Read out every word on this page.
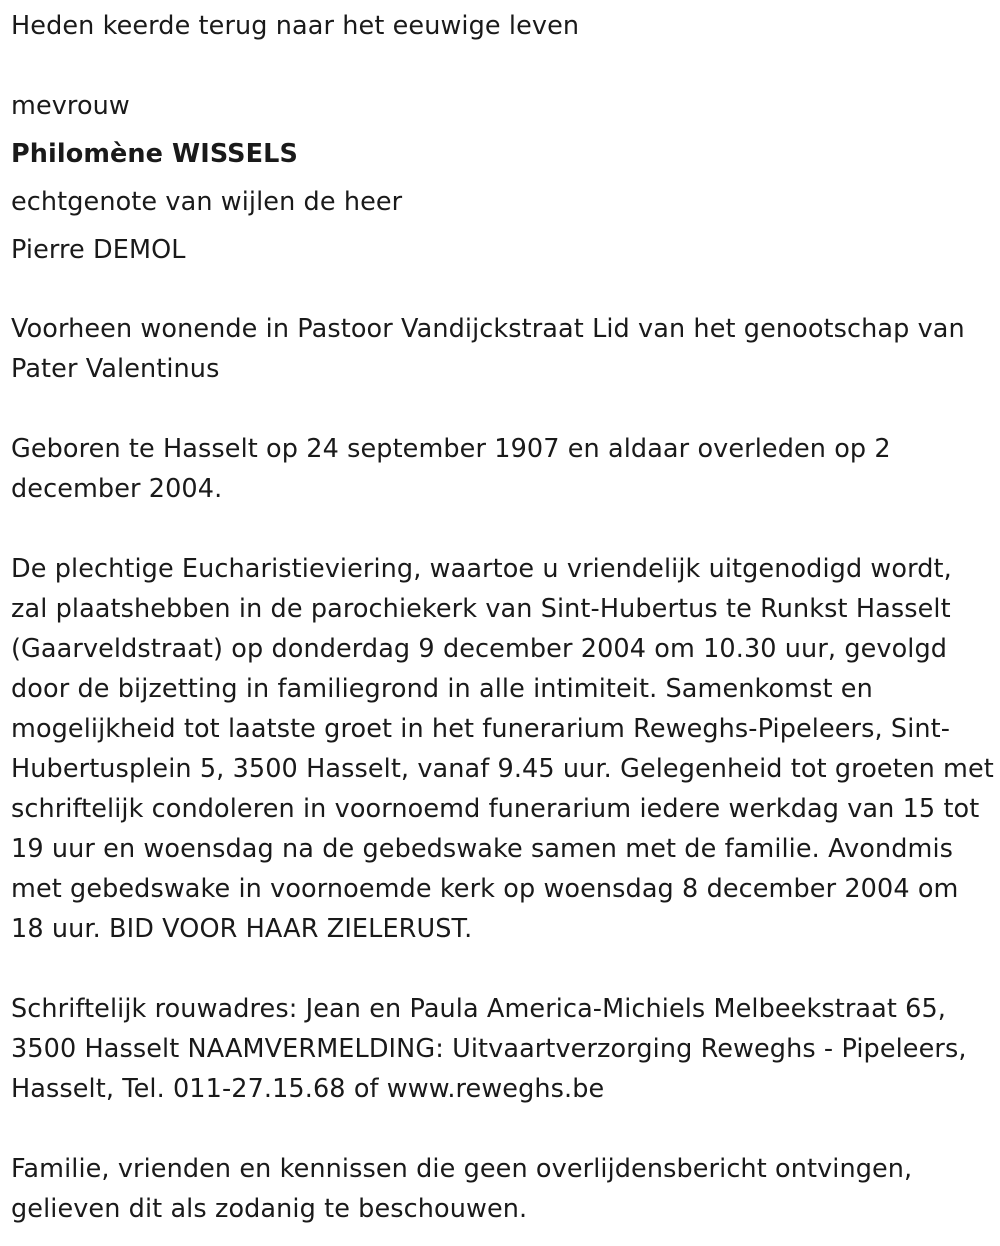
Heden keerde terug naar het eeuwige leven
mevrouw
Philomène WISSELS
echtgenote van wijlen de heer
Pierre DEMOL

Voorheen wonende in Pastoor Vandijckstraat Lid van het genootschap van Pater Valentinus

Geboren te Hasselt op 24 september 1907 en aldaar overleden op 2 december 2004.

De plechtige Eucharistieviering, waartoe u vriendelijk uitgenodigd wordt, zal plaatshebben in de parochiekerk van Sint-Hubertus te Runkst Hasselt (Gaarveldstraat) op donderdag 9 december 2004 om 10.30 uur, gevolgd door de bijzetting in familiegrond in alle intimiteit. Samenkomst en mogelijkheid tot laatste groet in het funerarium Reweghs-Pipeleers, Sint-Hubertusplein 5, 3500 Hasselt, vanaf 9.45 uur. Gelegenheid tot groeten met schriftelijk condoleren in voornoemd funerarium iedere werkdag van 15 tot 19 uur en woensdag na de gebedswake samen met de familie. Avondmis met gebedswake in voornoemde kerk op woensdag 8 december 2004 om 18 uur. BID VOOR HAAR ZIELERUST.

Schriftelijk rouwadres: Jean en Paula America-Michiels Melbeekstraat 65, 3500 Hasselt NAAMVERMELDING: Uitvaartverzorging Reweghs - Pipeleers, Hasselt, Tel. 011-27.15.68 of www.reweghs.be

Familie, vrienden en kennissen die geen overlijdensbericht ontvingen, gelieven dit als zodanig te beschouwen.
